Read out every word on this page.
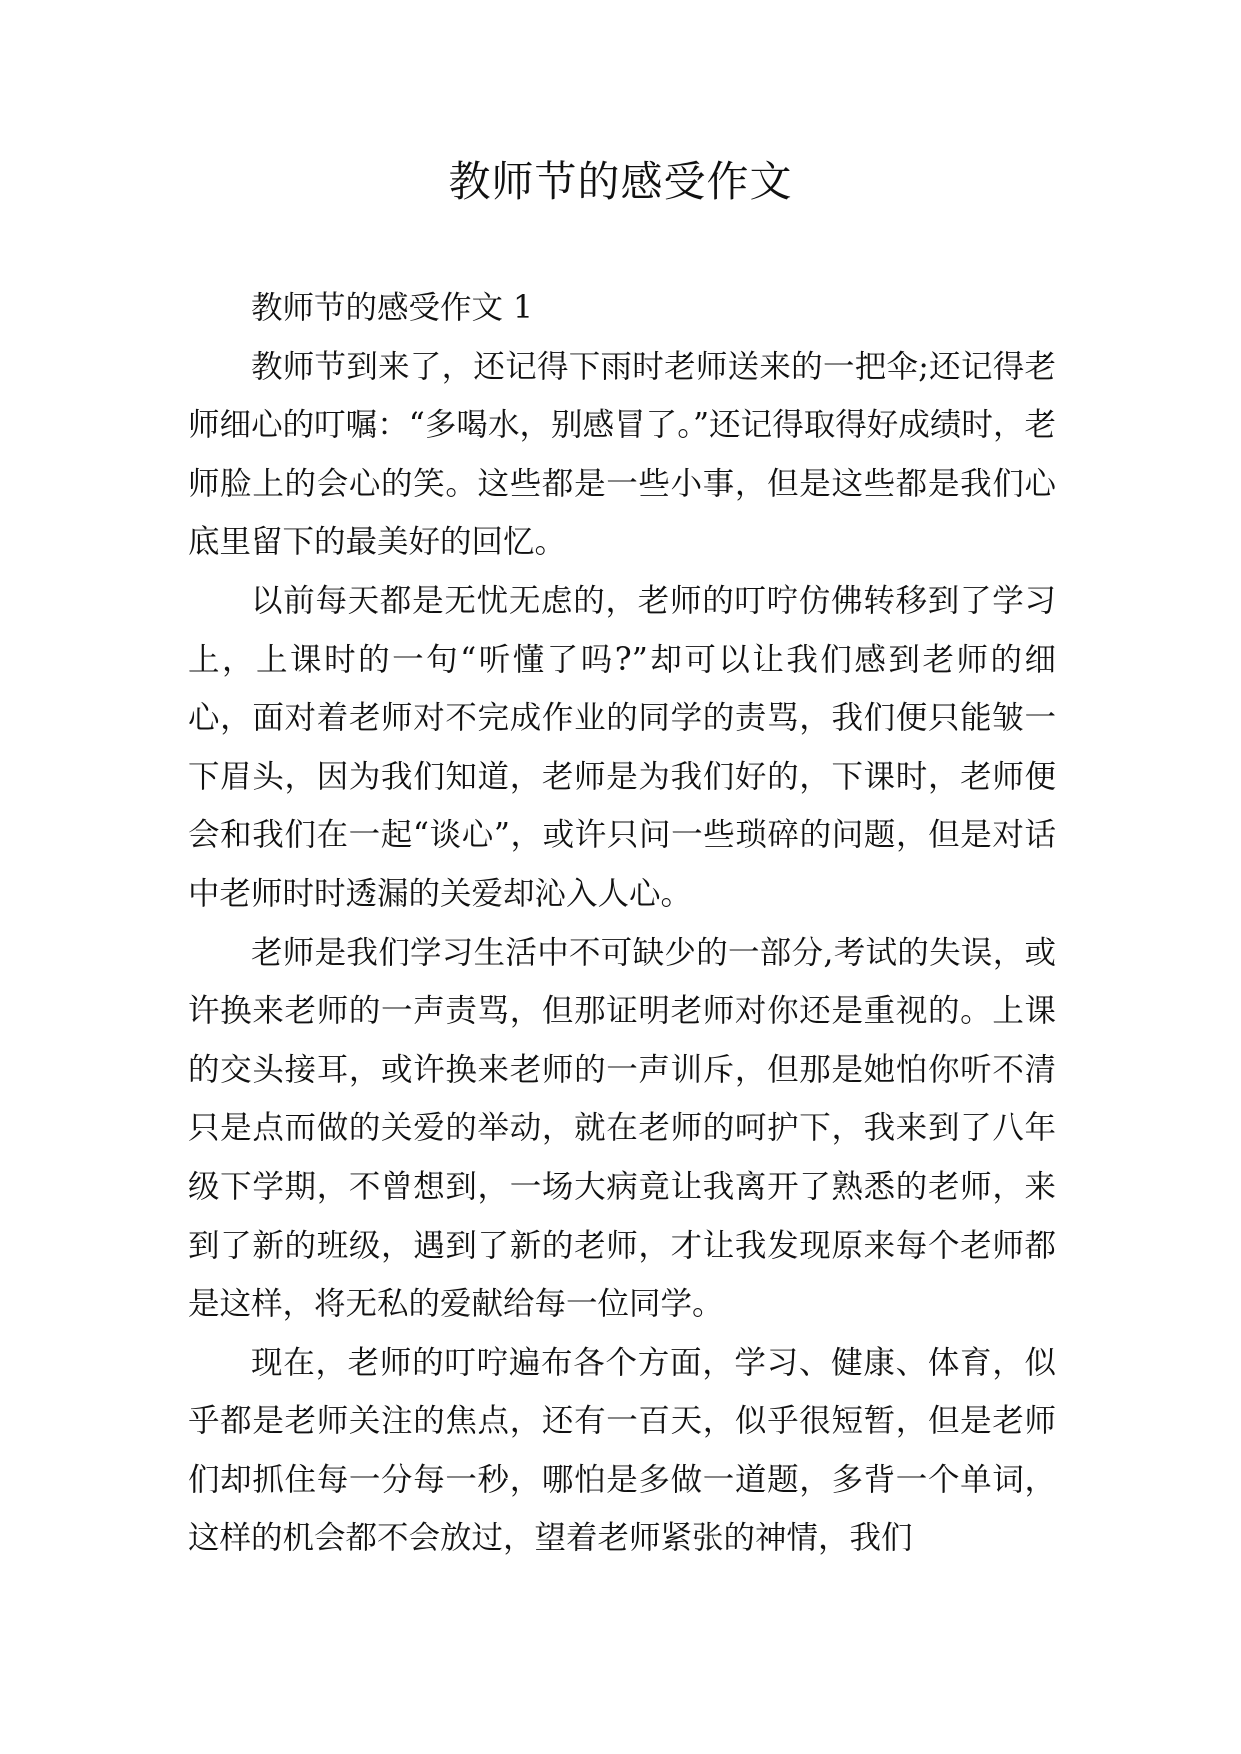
教师节的感受作文

教师节的感受作文 1

教师节到来了，还记得下雨时老师送来的一把伞;还记得老师细心的叮嘱：“多喝水，别感冒了。”还记得取得好成绩时，老师脸上的会心的笑。这些都是一些小事，但是这些都是我们心底里留下的最美好的回忆。

以前每天都是无忧无虑的，老师的叮咛仿佛转移到了学习上，上课时的一句“听懂了吗?”却可以让我们感到老师的细心，面对着老师对不完成作业的同学的责骂，我们便只能皱一下眉头，因为我们知道，老师是为我们好的，下课时，老师便会和我们在一起“谈心”，或许只问一些琐碎的问题，但是对话中老师时时透漏的关爱却沁入人心。

老师是我们学习生活中不可缺少的一部分,考试的失误，或许换来老师的一声责骂，但那证明老师对你还是重视的。上课的交头接耳，或许换来老师的一声训斥，但那是她怕你听不清只是点而做的关爱的举动，就在老师的呵护下，我来到了八年级下学期，不曾想到，一场大病竟让我离开了熟悉的老师，来到了新的班级，遇到了新的老师，才让我发现原来每个老师都是这样，将无私的爱献给每一位同学。

现在，老师的叮咛遍布各个方面，学习、健康、体育，似乎都是老师关注的焦点，还有一百天，似乎很短暂，但是老师们却抓住每一分每一秒，哪怕是多做一道题，多背一个单词，这样的机会都不会放过，望着老师紧张的神情，我们
